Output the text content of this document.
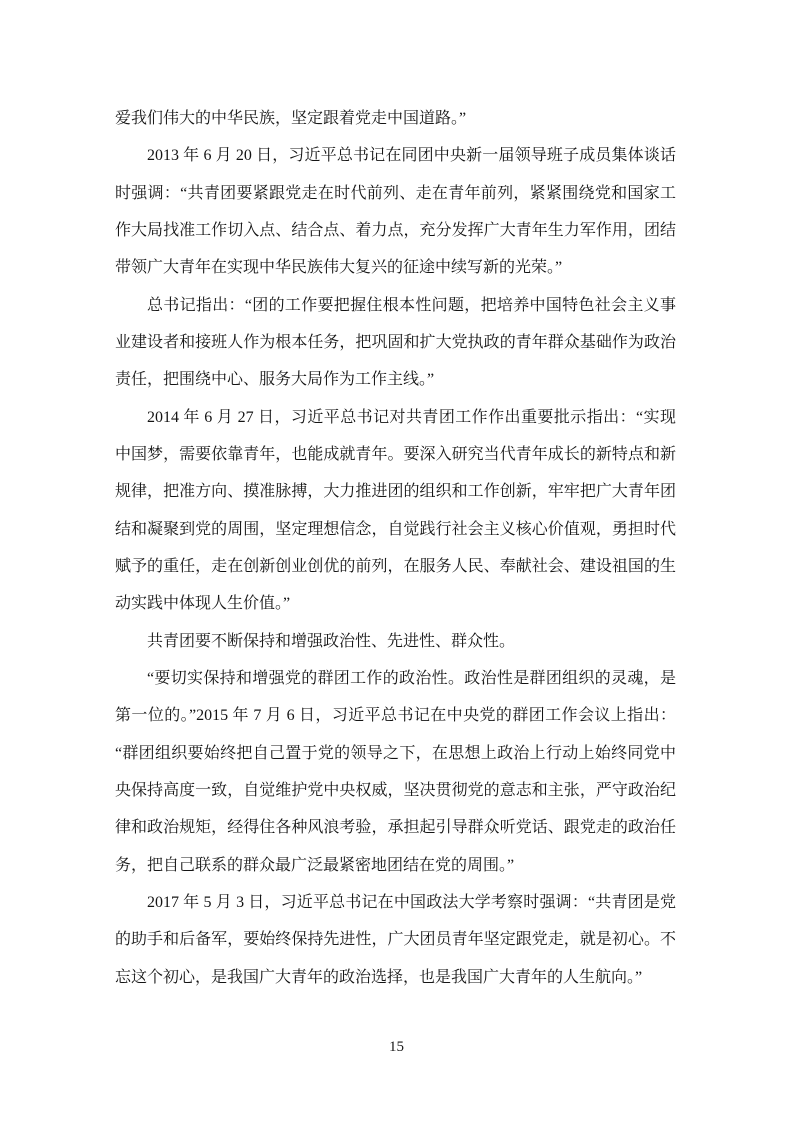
爱我们伟大的中华民族，坚定跟着党走中国道路。”

2013 年 6 月 20 日，习近平总书记在同团中央新一届领导班子成员集体谈话时强调：“共青团要紧跟党走在时代前列、走在青年前列，紧紧围绕党和国家工作大局找准工作切入点、结合点、着力点，充分发挥广大青年生力军作用，团结带领广大青年在实现中华民族伟大复兴的征途中续写新的光荣。”

总书记指出：“团的工作要把握住根本性问题，把培养中国特色社会主义事业建设者和接班人作为根本任务，把巩固和扩大党执政的青年群众基础作为政治责任，把围绕中心、服务大局作为工作主线。”

2014 年 6 月 27 日，习近平总书记对共青团工作作出重要批示指出：“实现中国梦，需要依靠青年，也能成就青年。要深入研究当代青年成长的新特点和新规律，把准方向、摸准脉搏，大力推进团的组织和工作创新，牢牢把广大青年团结和凝聚到党的周围，坚定理想信念，自觉践行社会主义核心价值观，勇担时代赋予的重任，走在创新创业创优的前列，在服务人民、奉献社会、建设祖国的生动实践中体现人生价值。”

共青团要不断保持和增强政治性、先进性、群众性。

“要切实保持和增强党的群团工作的政治性。政治性是群团组织的灵魂，是第一位的。”2015 年 7 月 6 日，习近平总书记在中央党的群团工作会议上指出：“群团组织要始终把自己置于党的领导之下，在思想上政治上行动上始终同党中央保持高度一致，自觉维护党中央权威，坚决贯彻党的意志和主张，严守政治纪律和政治规矩，经得住各种风浪考验，承担起引导群众听党话、跟党走的政治任务，把自己联系的群众最广泛最紧密地团结在党的周围。”

2017 年 5 月 3 日，习近平总书记在中国政法大学考察时强调：“共青团是党的助手和后备军，要始终保持先进性，广大团员青年坚定跟党走，就是初心。不忘这个初心，是我国广大青年的政治选择，也是我国广大青年的人生航向。”

15
